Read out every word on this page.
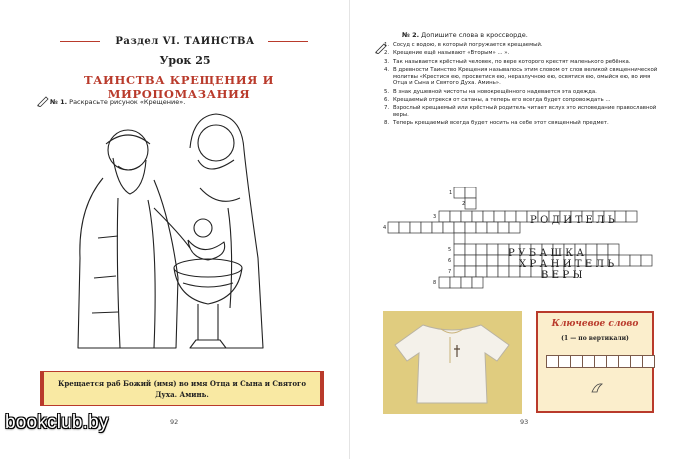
Раздел VI. ТАИНСТВА
Урок 25
ТАИНСТВА КРЕЩЕНИЯ И МИРОПОМАЗАНИЯ
№ 1. Раскрасьте рисунок «Крещение».
Крещается раб Божий (имя) во имя Отца и Сына и Святого Духа. Аминь.
92
№ 2. Допишите слова в кроссворде.
1. Сосуд с водою, в который погружается крещаемый.
2. Крещение ещё называют «Вторым» ... ».
3. Так называется крёстный человек, по вере которого крестят маленького ребёнка.
4. В древности Таинство Крещения называлось этим словом от слов великой священнической молитвы «Крестися ею, просветися ею, неразлучною ею, освятися ею, омыйся ею, во имя Отца и Сына и Святого Духа. Аминь».
5. В знак душевной чистоты на новокрещённого надевается эта одежда.
6. Крещаемый отрекся от сатаны, а теперь его всегда будет сопровождать ...
7. Взрослый крещаемый или крёстный родитель читает вслух это исповедание православной веры.
8. Теперь крещаемый всегда будет носить на себе этот священный предмет.
1
2
3
4
5
6
7
8
РОДИТЕЛЬ
РУБАШКА
ХРАНИТЕЛЬ
ВЕРЫ
Ключевое слово
(1 — по вертикали)
93
bookclub.by
